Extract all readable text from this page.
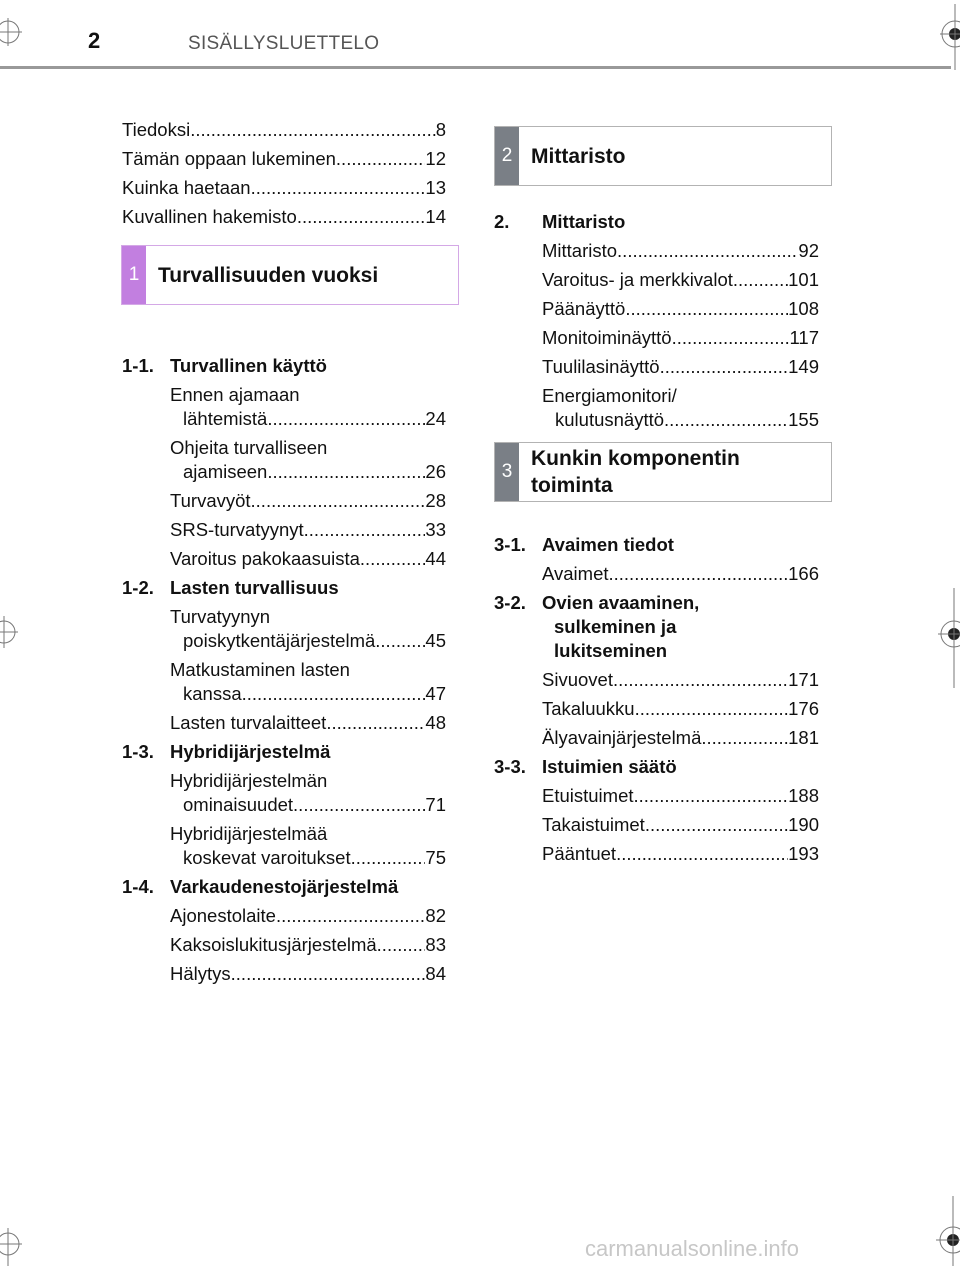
2	SISÄLLYSLUETTELO
1 Turvallisuuden vuoksi
2 Mittaristo
3
Kunkin komponentin
toiminta
Tiedoksi .....	8
Tämän oppaan lukeminen .....	12
Kuinka haetaan .....	13
Kuvallinen hakemisto .....	14
1-1. Turvallinen käyttö
Ennen ajamaan
lähtemistä .....	24
Ohjeita turvalliseen
ajamiseen .....	26
Turvavyöt .....	28
SRS-turvatyynyt .....	33
Varoitus pakokaasuista .....	44
1-2. Lasten turvallisuus
Turvatyynyn
poiskytkentäjärjestelmä .....	45
Matkustaminen lasten
kanssa .....	47
Lasten turvalaitteet .....	48
1-3. Hybridijärjestelmä
Hybridijärjestelmän
ominaisuudet .....	71
Hybridijärjestelmää
koskevat varoitukset .....	75
1-4. Varkaudenestojärjestelmä
Ajonestolaite .....	82
Kaksoislukitusjärjestelmä .....	83
Hälytys .....	84
2.	Mittaristo
Mittaristo .....	92
Varoitus- ja merkkivalot .....	101
Päänäyttö .....	108
Monitoiminäyttö .....	117
Tuulilasinäyttö .....	149
Energiamonitori/
kulutusnäyttö .....	155
3-1. Avaimen tiedot
Avaimet .....	166
3-2. Ovien avaaminen,
sulkeminen ja
lukitseminen
Sivuovet .....	171
Takaluukku .....	176
Älyavainjärjestelmä .....	181
3-3. Istuimien säätö
Etuistuimet .....	188
Takaistuimet .....	190
Pääntuet .....	193
carmanualsonline.info
